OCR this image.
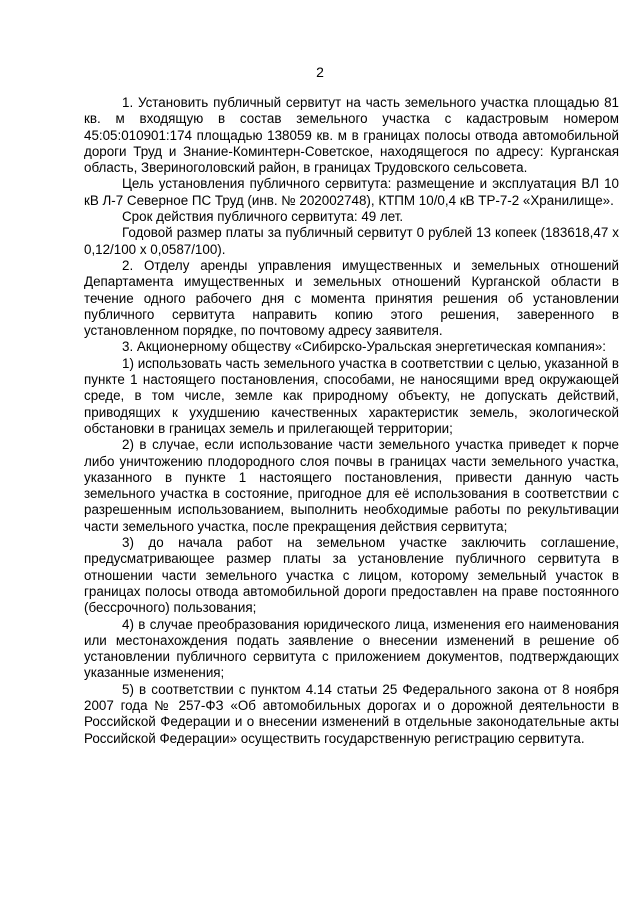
2

1. Установить публичный сервитут на часть земельного участка площадью 81 кв. м входящую в состав земельного участка с кадастровым номером 45:05:010901:174 площадью 138059 кв. м в границах полосы отвода автомобильной дороги Труд и Знание-Коминтерн-Советское, находящегося по адресу: Курганская область, Звериноголовский район, в границах Трудовского сельсовета.

Цель установления публичного сервитута: размещение и эксплуатация ВЛ 10 кВ Л-7 Северное ПС Труд (инв. № 202002748), КТПМ 10/0,4 кВ ТР-7-2 «Хранилище».

Срок действия публичного сервитута: 49 лет.

Годовой размер платы за публичный сервитут 0 рублей 13 копеек (183618,47 х 0,12/100 х 0,0587/100).

2. Отделу аренды управления имущественных и земельных отношений Департамента имущественных и земельных отношений Курганской области в течение одного рабочего дня с момента принятия решения об установлении публичного сервитута направить копию этого решения, заверенного в установленном порядке, по почтовому адресу заявителя.

3. Акционерному обществу «Сибирско-Уральская энергетическая компания»:

1) использовать часть земельного участка в соответствии с целью, указанной в пункте 1 настоящего постановления, способами, не наносящими вред окружающей среде, в том числе, земле как природному объекту, не допускать действий, приводящих к ухудшению качественных характеристик земель, экологической обстановки в границах земель и прилегающей территории;

2) в случае, если использование части земельного участка приведет к порче либо уничтожению плодородного слоя почвы в границах части земельного участка, указанного в пункте 1 настоящего постановления, привести данную часть земельного участка в состояние, пригодное для её использования в соответствии с разрешенным использованием, выполнить необходимые работы по рекультивации части земельного участка, после прекращения действия сервитута;

3) до начала работ на земельном участке заключить соглашение, предусматривающее размер платы за установление публичного сервитута в отношении части земельного участка с лицом, которому земельный участок в границах полосы отвода автомобильной дороги предоставлен на праве постоянного (бессрочного) пользования;

4) в случае преобразования юридического лица, изменения его наименования или местонахождения подать заявление о внесении изменений в решение об установлении публичного сервитута с приложением документов, подтверждающих указанные изменения;

5) в соответствии с пунктом 4.14 статьи 25 Федерального закона от 8 ноября 2007 года № 257-ФЗ «Об автомобильных дорогах и о дорожной деятельности в Российской Федерации и о внесении изменений в отдельные законодательные акты Российской Федерации» осуществить государственную регистрацию сервитута.
